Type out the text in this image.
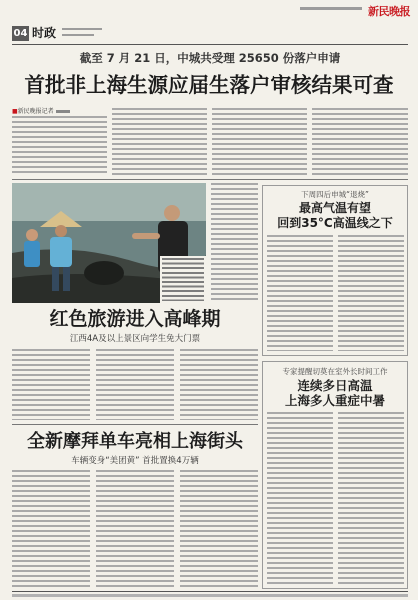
新民晚报
04 时政
截至 7 月 21 日，中城共受理 25650 份落户申请
首批非上海生源应届生落户审核结果可查
■新民晚报记者
下周四后申城“退烧”
最高气温有望
回到35°C高温线之下
红色旅游进入高峰期
江西4A及以上景区向学生免大门票
全新摩拜单车亮相上海街头
车辆变身“美团黄” 首批置换4万辆
专家提醒切莫在室外长时间工作
连续多日高温
上海多人重症中暑
